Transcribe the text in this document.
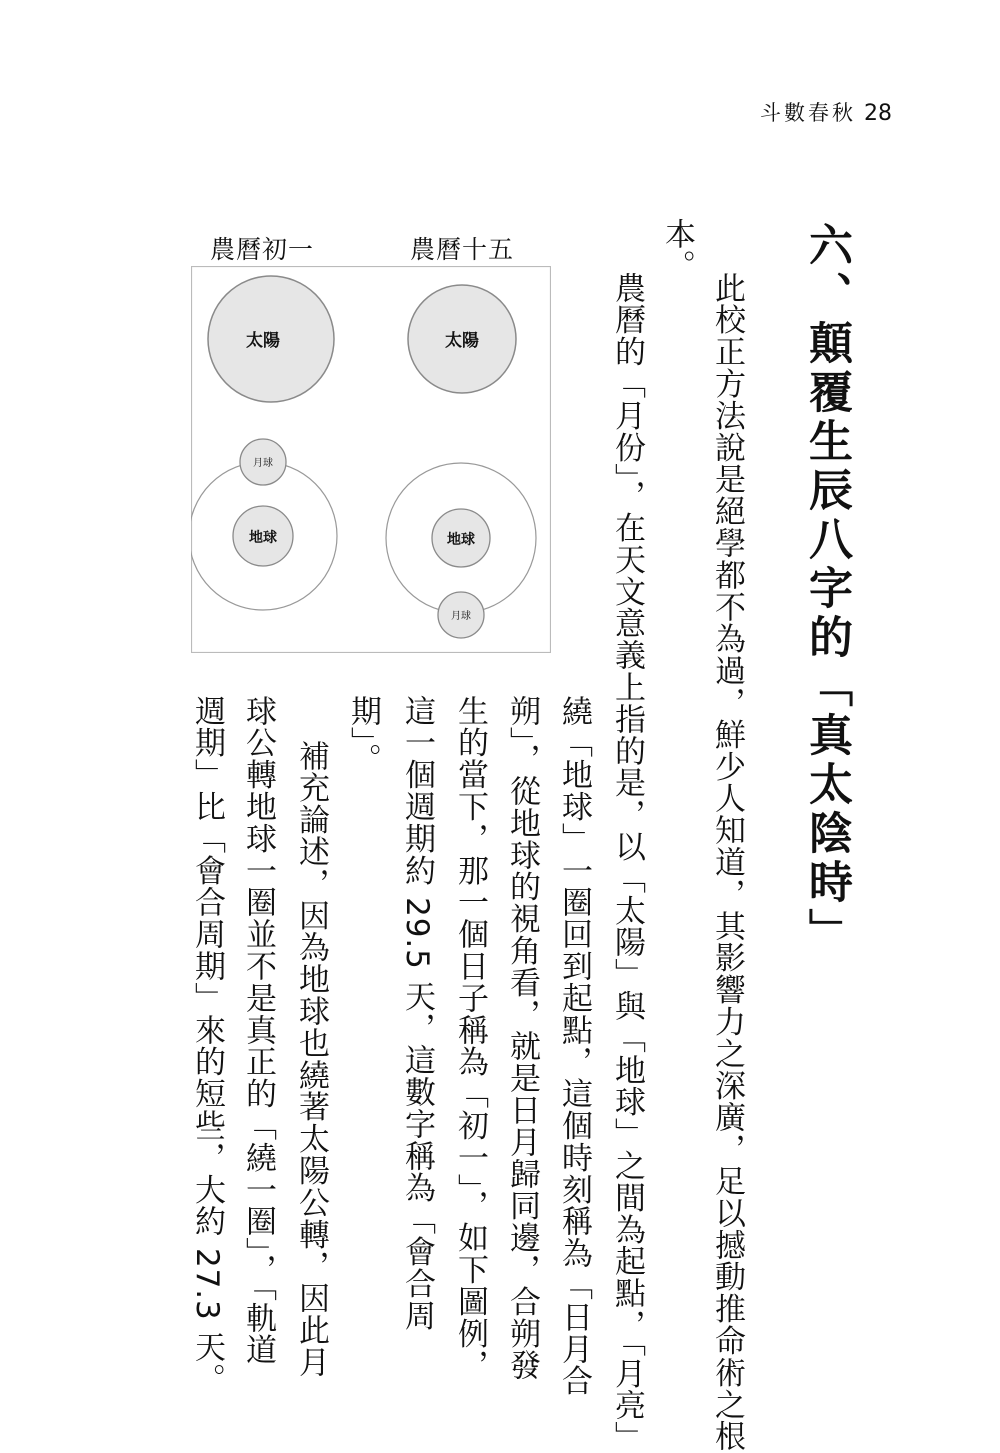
斗數春秋 28
六、顛覆生辰八字的「真太陰時」
此校正方法說是絕學都不為過，鮮少人知道，其影響力之深廣，足以撼動推命術之根
本。
農曆的「月份」，在天文意義上指的是，以「太陽」與「地球」之間為起點，「月亮」
繞「地球」一圈回到起點，這個時刻稱為「日月合
朔」，從地球的視角看，就是日月歸同邊，合朔發
生的當下，那一個日子稱為「初一」，如下圖例，
這一個週期約 29.5 天，這數字稱為「會合周
期」。
補充論述，因為地球也繞著太陽公轉，因此月
球公轉地球一圈並不是真正的「繞一圈」，「軌道
週期」比「會合周期」來的短些，大約 27.3 天。
農曆初一	農曆十五
太陽
地球
月球
太陽
地球
月球
